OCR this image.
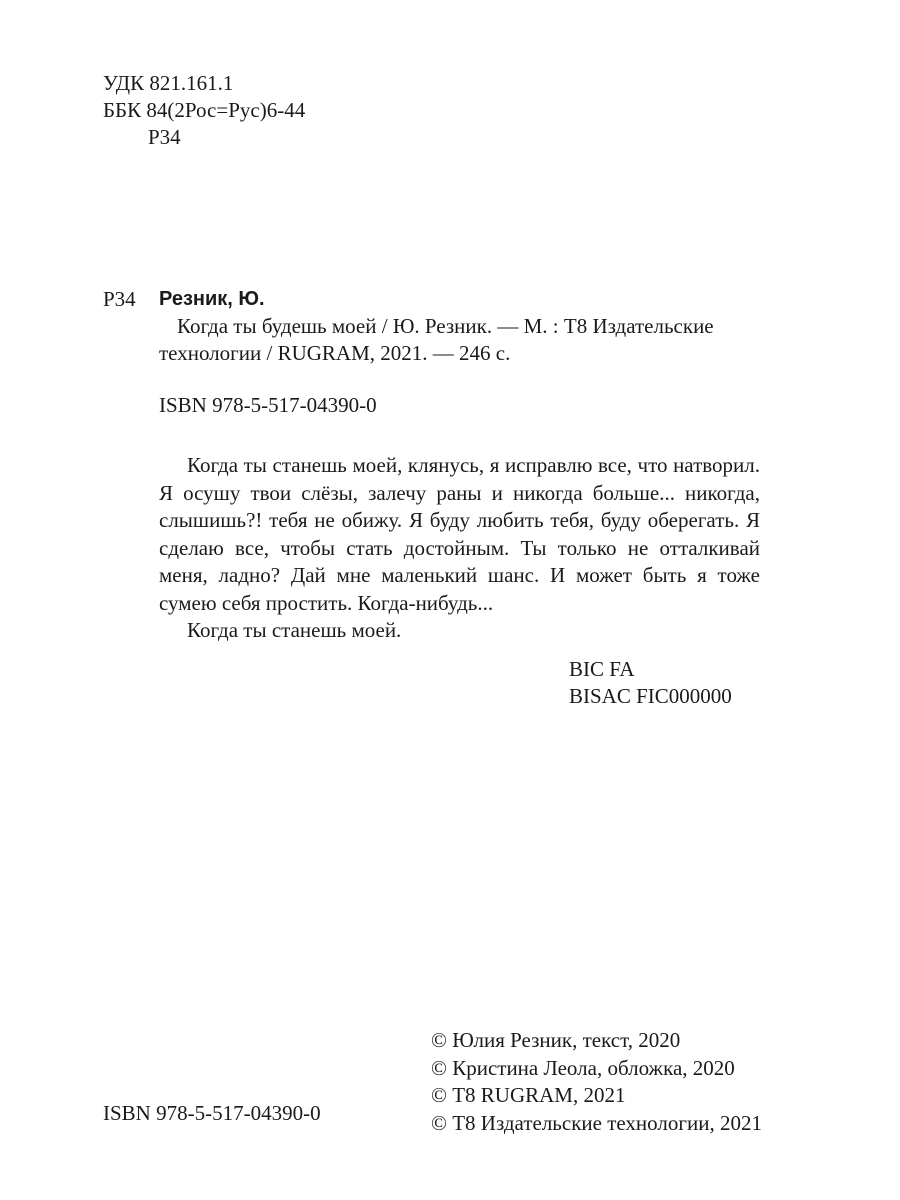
УДК 821.161.1
ББК 84(2Рос=Рус)6-44
Р34
Р34 Резник, Ю.
Когда ты будешь моей / Ю. Резник. — М. : Т8 Издательские
технологии / RUGRAM, 2021. — 246 с.
ISBN 978-5-517-04390-0

Когда ты станешь моей, клянусь, я исправлю все, что натворил. Я осушу твои слёзы, залечу раны и никогда больше... никогда, слышишь?! тебя не обижу. Я буду любить тебя, буду оберегать. Я сделаю все, чтобы стать достойным. Ты только не отталкивай меня, ладно? Дай мне маленький шанс. И может быть я тоже сумею себя простить. Когда-нибудь...

Когда ты станешь моей.

BIC FA
BISAC FIC000000
ISBN 978-5-517-04390-0
© Юлия Резник, текст, 2020
© Кристина Леола, обложка, 2020
© Т8 RUGRAM, 2021
© Т8 Издательские технологии, 2021
